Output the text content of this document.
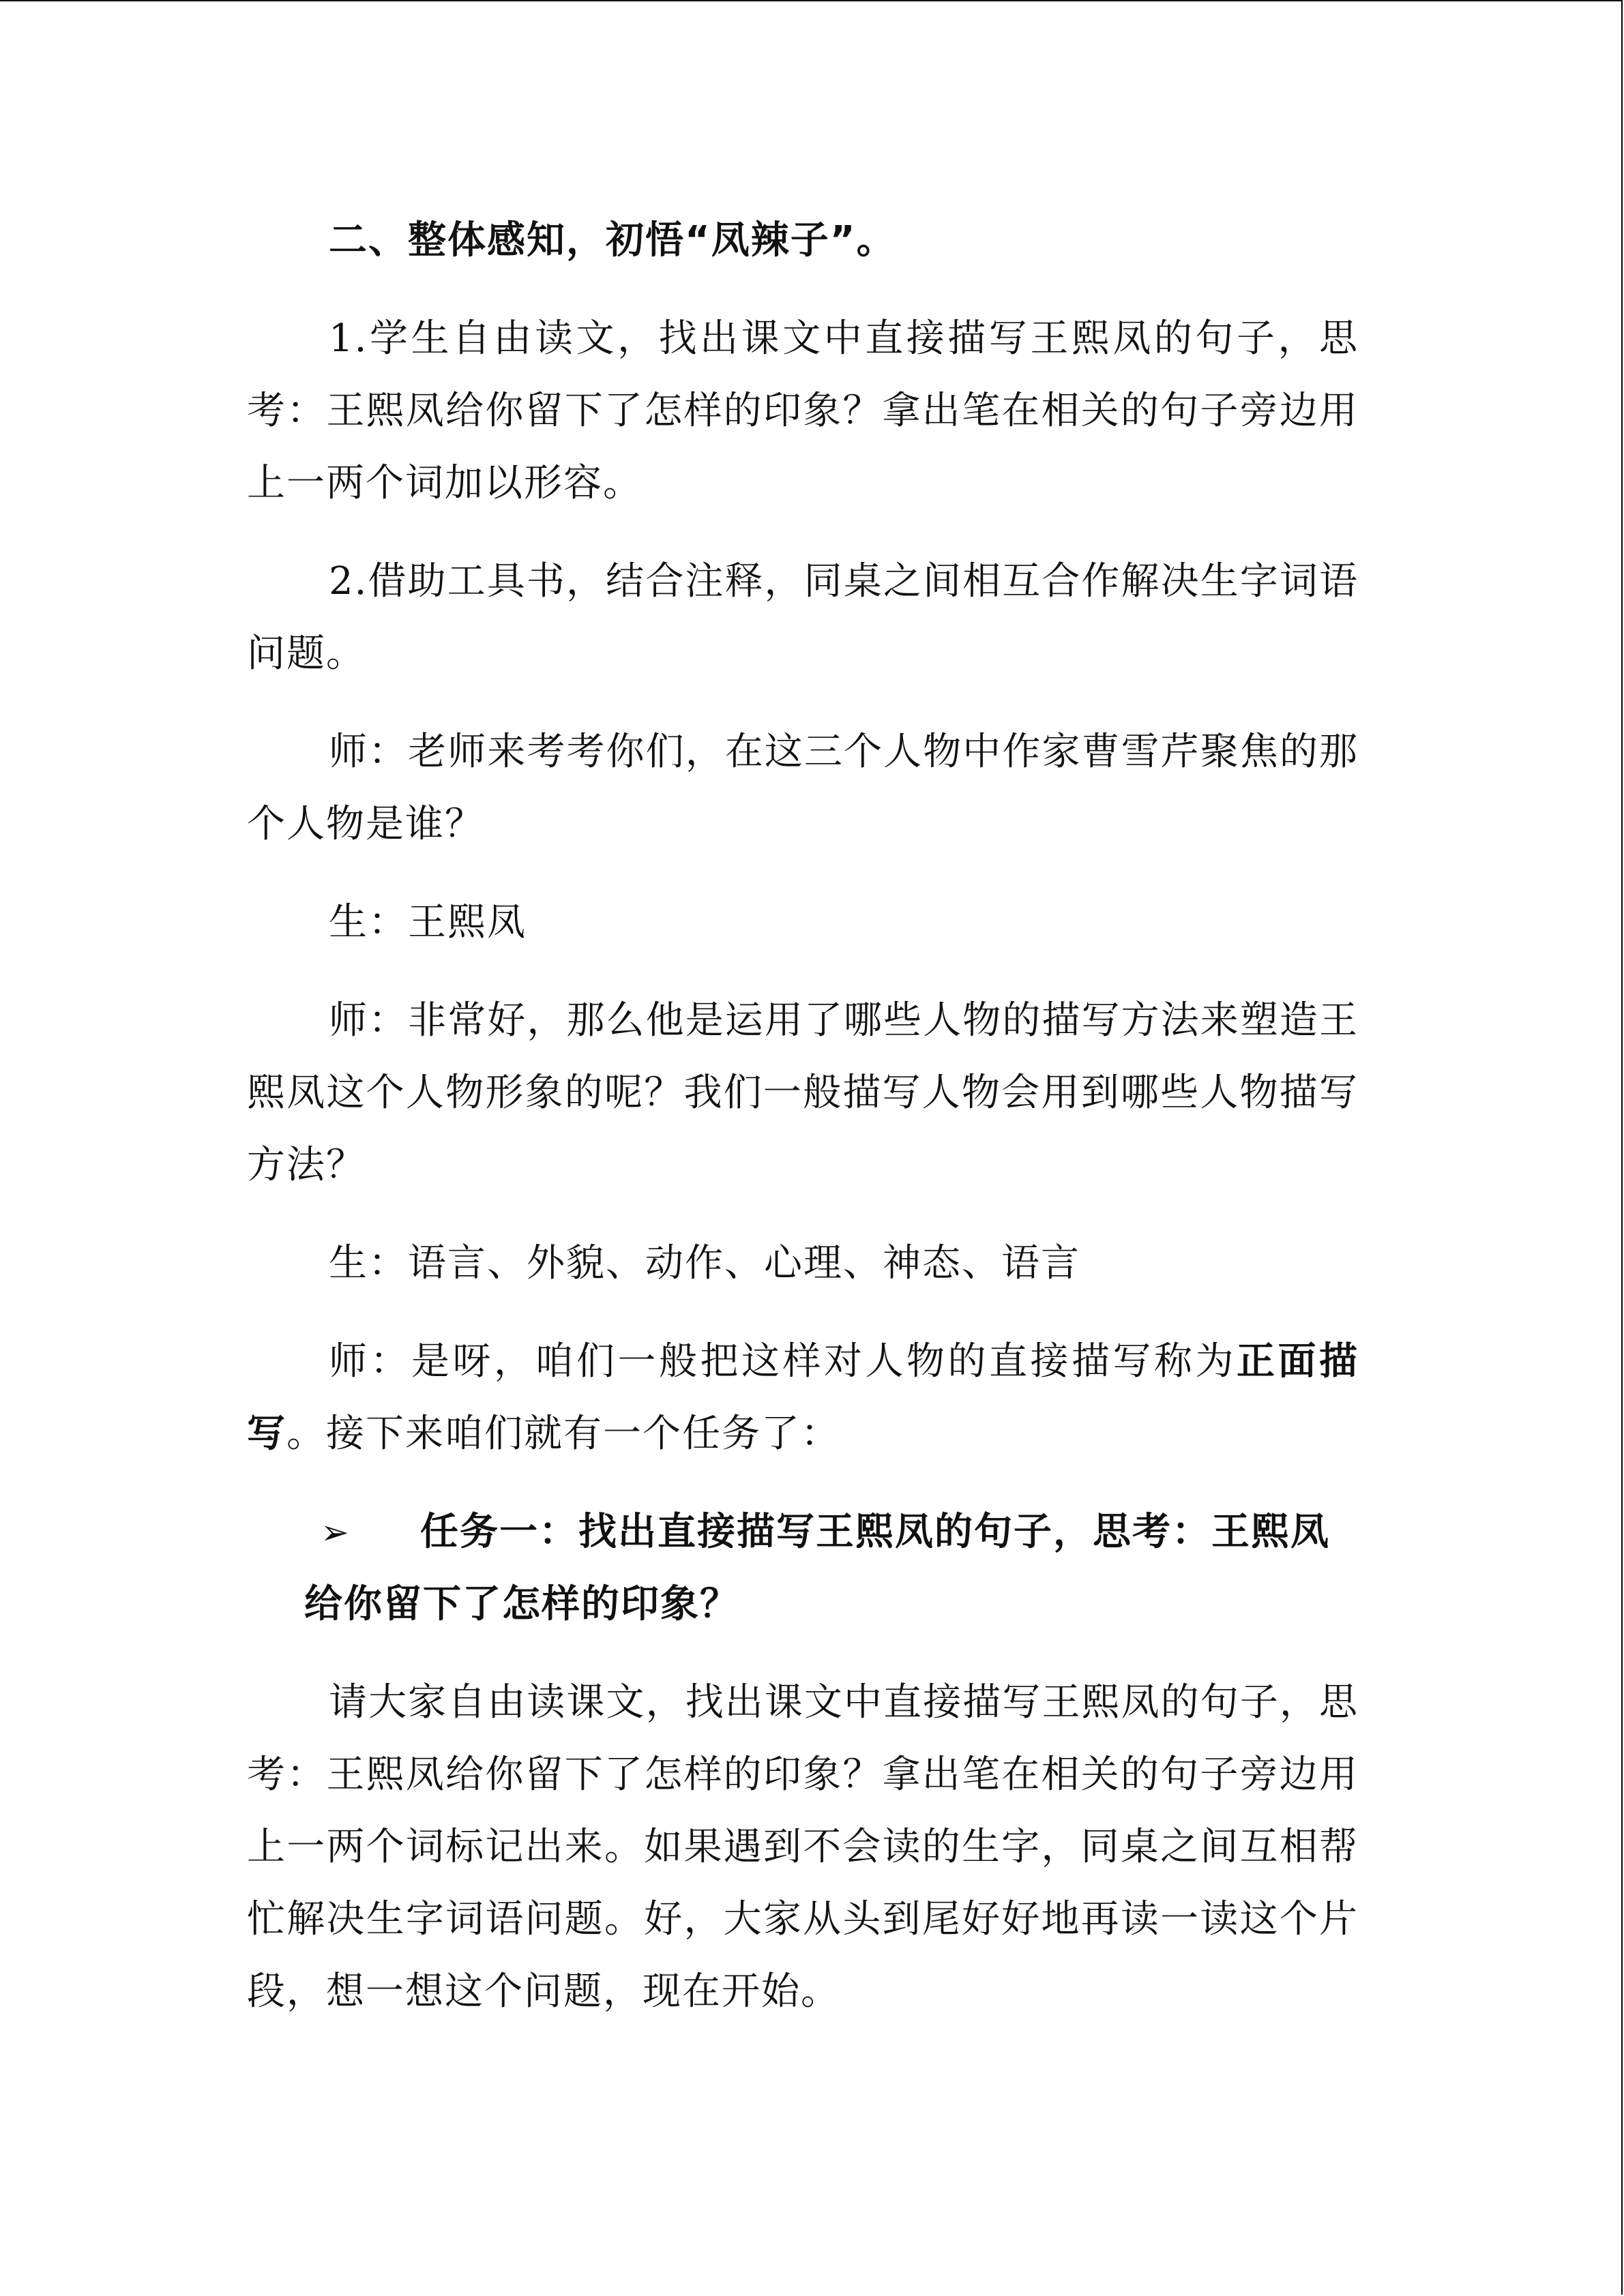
二、整体感知，初悟“凤辣子”。

1.学生自由读文，找出课文中直接描写王熙凤的句子，思考：王熙凤给你留下了怎样的印象？拿出笔在相关的句子旁边用上一两个词加以形容。

2.借助工具书，结合注释，同桌之间相互合作解决生字词语问题。

师：老师来考考你们，在这三个人物中作家曹雪芹聚焦的那个人物是谁？

生：王熙凤

师：非常好，那么他是运用了哪些人物的描写方法来塑造王熙凤这个人物形象的呢？我们一般描写人物会用到哪些人物描写方法？

生：语言、外貌、动作、心理、神态、语言

师：是呀，咱们一般把这样对人物的直接描写称为正面描写。接下来咱们就有一个任务了：

➢	任务一：找出直接描写王熙凤的句子，思考：王熙凤
给你留下了怎样的印象？

请大家自由读课文，找出课文中直接描写王熙凤的句子，思考：王熙凤给你留下了怎样的印象？拿出笔在相关的句子旁边用上一两个词标记出来。如果遇到不会读的生字，同桌之间互相帮忙解决生字词语问题。好，大家从头到尾好好地再读一读这个片段，想一想这个问题，现在开始。
